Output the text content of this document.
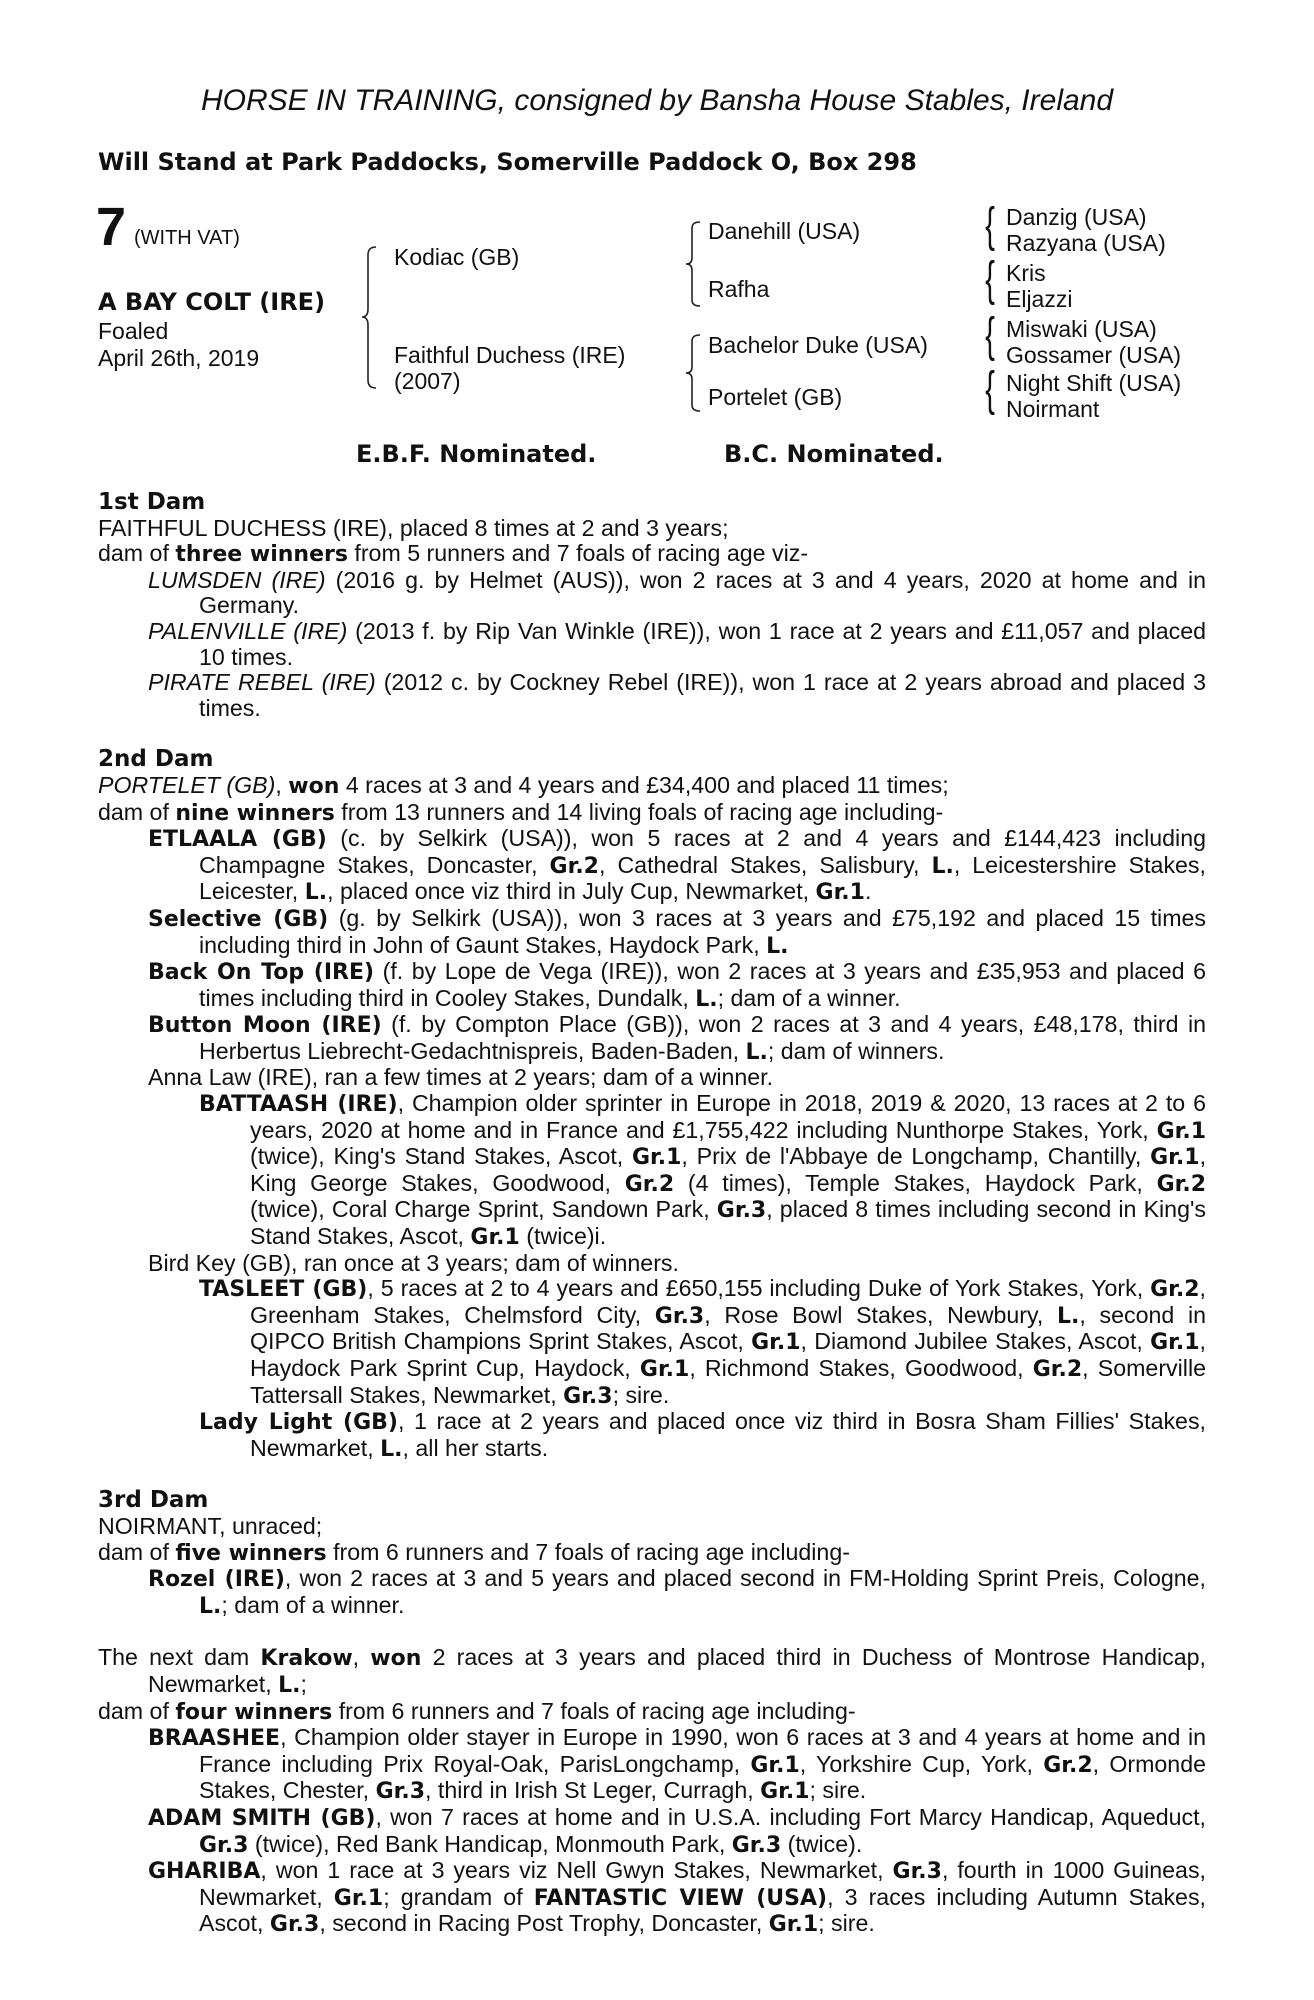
HORSE IN TRAINING, consigned by Bansha House Stables, Ireland
Will Stand at Park Paddocks, Somerville Paddock O, Box 298
7 (WITH VAT)
A BAY COLT (IRE)
Foaled
April 26th, 2019
Kodiac (GB)
Faithful Duchess (IRE)
(2007)
Danehill (USA)
Rafha
Bachelor Duke (USA)
Portelet (GB)
{
{
{
{
Danzig (USA)
Razyana (USA)
Kris
Eljazzi
Miswaki (USA)
Gossamer (USA)
Night Shift (USA)
Noirmant
E.B.F. Nominated.	B.C. Nominated.
1st Dam
FAITHFUL DUCHESS (IRE), placed 8 times at 2 and 3 years;
dam of three winners from 5 runners and 7 foals of racing age viz-
LUMSDEN (IRE) (2016 g. by Helmet (AUS)), won 2 races at 3 and 4 years, 2020 at home and in Germany.
PALENVILLE (IRE) (2013 f. by Rip Van Winkle (IRE)), won 1 race at 2 years and £11,057 and placed 10 times.
PIRATE REBEL (IRE) (2012 c. by Cockney Rebel (IRE)), won 1 race at 2 years abroad and placed 3 times.
2nd Dam
PORTELET (GB), won 4 races at 3 and 4 years and £34,400 and placed 11 times;
dam of nine winners from 13 runners and 14 living foals of racing age including-
ETLAALA (GB) (c. by Selkirk (USA)), won 5 races at 2 and 4 years and £144,423 including Champagne Stakes, Doncaster, Gr.2, Cathedral Stakes, Salisbury, L., Leicestershire Stakes, Leicester, L., placed once viz third in July Cup, Newmarket, Gr.1.
Selective (GB) (g. by Selkirk (USA)), won 3 races at 3 years and £75,192 and placed 15 times including third in John of Gaunt Stakes, Haydock Park, L.
Back On Top (IRE) (f. by Lope de Vega (IRE)), won 2 races at 3 years and £35,953 and placed 6 times including third in Cooley Stakes, Dundalk, L.; dam of a winner.
Button Moon (IRE) (f. by Compton Place (GB)), won 2 races at 3 and 4 years, £48,178, third in Herbertus Liebrecht-Gedachtnispreis, Baden-Baden, L.; dam of winners.
Anna Law (IRE), ran a few times at 2 years; dam of a winner.
BATTAASH (IRE), Champion older sprinter in Europe in 2018, 2019 & 2020, 13 races at 2 to 6 years, 2020 at home and in France and £1,755,422 including Nunthorpe Stakes, York, Gr.1 (twice), King's Stand Stakes, Ascot, Gr.1, Prix de l'Abbaye de Longchamp, Chantilly, Gr.1, King George Stakes, Goodwood, Gr.2 (4 times), Temple Stakes, Haydock Park, Gr.2 (twice), Coral Charge Sprint, Sandown Park, Gr.3, placed 8 times including second in King's Stand Stakes, Ascot, Gr.1 (twice)i.
Bird Key (GB), ran once at 3 years; dam of winners.
TASLEET (GB), 5 races at 2 to 4 years and £650,155 including Duke of York Stakes, York, Gr.2, Greenham Stakes, Chelmsford City, Gr.3, Rose Bowl Stakes, Newbury, L., second in QIPCO British Champions Sprint Stakes, Ascot, Gr.1, Diamond Jubilee Stakes, Ascot, Gr.1, Haydock Park Sprint Cup, Haydock, Gr.1, Richmond Stakes, Goodwood, Gr.2, Somerville Tattersall Stakes, Newmarket, Gr.3; sire.
Lady Light (GB), 1 race at 2 years and placed once viz third in Bosra Sham Fillies' Stakes, Newmarket, L., all her starts.
3rd Dam
NOIRMANT, unraced;
dam of five winners from 6 runners and 7 foals of racing age including-
Rozel (IRE), won 2 races at 3 and 5 years and placed second in FM-Holding Sprint Preis, Cologne, L.; dam of a winner.
The next dam Krakow, won 2 races at 3 years and placed third in Duchess of Montrose Handicap, Newmarket, L.;
dam of four winners from 6 runners and 7 foals of racing age including-
BRAASHEE, Champion older stayer in Europe in 1990, won 6 races at 3 and 4 years at home and in France including Prix Royal-Oak, ParisLongchamp, Gr.1, Yorkshire Cup, York, Gr.2, Ormonde Stakes, Chester, Gr.3, third in Irish St Leger, Curragh, Gr.1; sire.
ADAM SMITH (GB), won 7 races at home and in U.S.A. including Fort Marcy Handicap, Aqueduct, Gr.3 (twice), Red Bank Handicap, Monmouth Park, Gr.3 (twice).
GHARIBA, won 1 race at 3 years viz Nell Gwyn Stakes, Newmarket, Gr.3, fourth in 1000 Guineas, Newmarket, Gr.1; grandam of FANTASTIC VIEW (USA), 3 races including Autumn Stakes, Ascot, Gr.3, second in Racing Post Trophy, Doncaster, Gr.1; sire.
